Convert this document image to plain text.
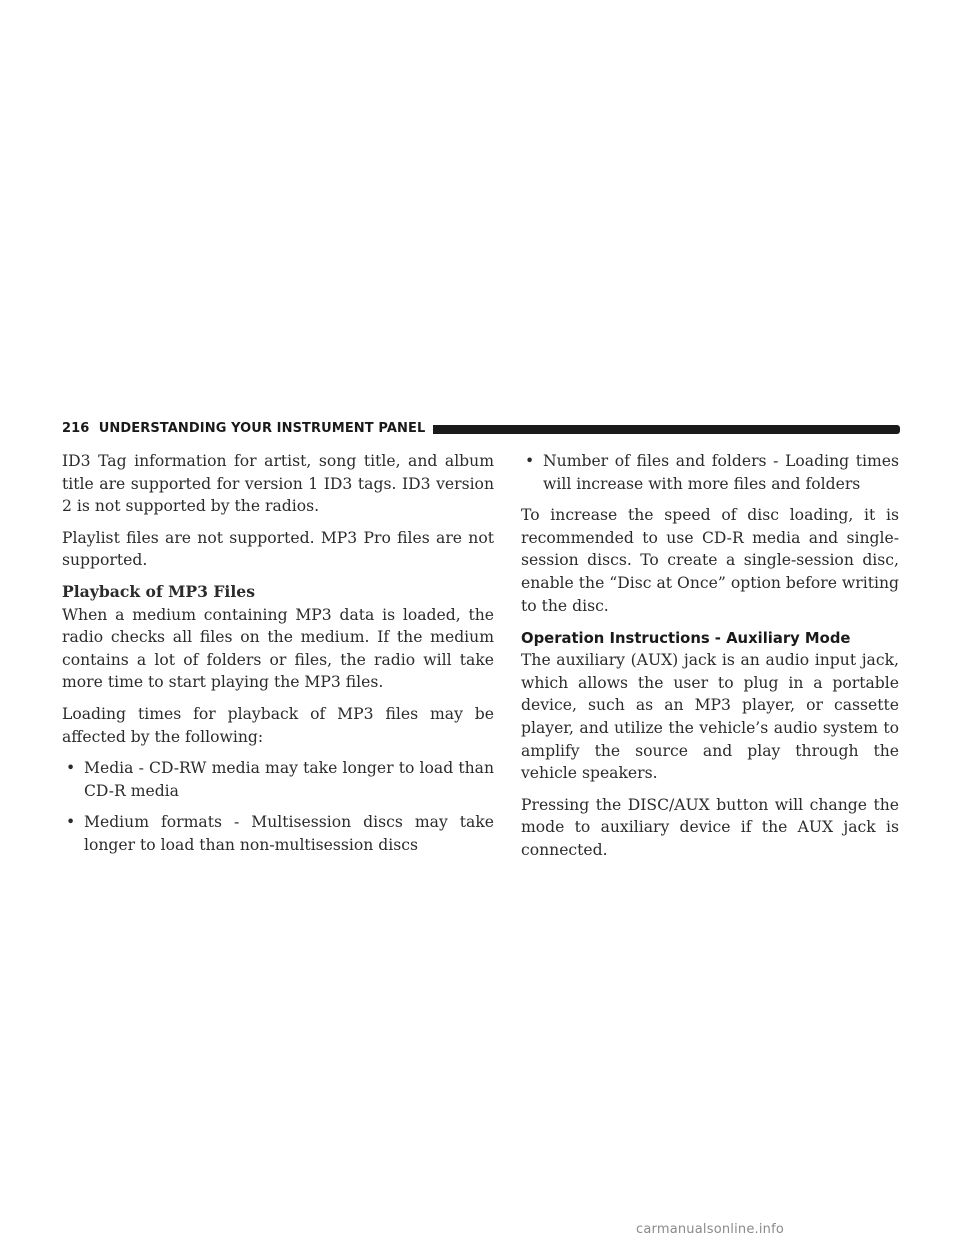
216
UNDERSTANDING YOUR INSTRUMENT PANEL

ID3 Tag information for artist, song title, and album title are supported for version 1 ID3 tags. ID3 version 2 is not supported by the radios.

Playlist files are not supported. MP3 Pro files are not supported.

Playback of MP3 Files

When a medium containing MP3 data is loaded, the radio checks all files on the medium. If the medium contains a lot of folders or files, the radio will take more time to start playing the MP3 files.

Loading times for playback of MP3 files may be affected by the following:

• Media - CD-RW media may take longer to load than CD-R media
• Medium formats - Multisession discs may take longer to load than non-multisession discs
• Number of files and folders - Loading times will increase with more files and folders

To increase the speed of disc loading, it is recommended to use CD-R media and single-session discs. To create a single-session disc, enable the “Disc at Once” option before writing to the disc.

Operation Instructions - Auxiliary Mode

The auxiliary (AUX) jack is an audio input jack, which allows the user to plug in a portable device, such as an MP3 player, or cassette player, and utilize the vehicle’s audio system to amplify the source and play through the vehicle speakers.

Pressing the DISC/AUX button will change the mode to auxiliary device if the AUX jack is connected.

carmanualsonline.info
